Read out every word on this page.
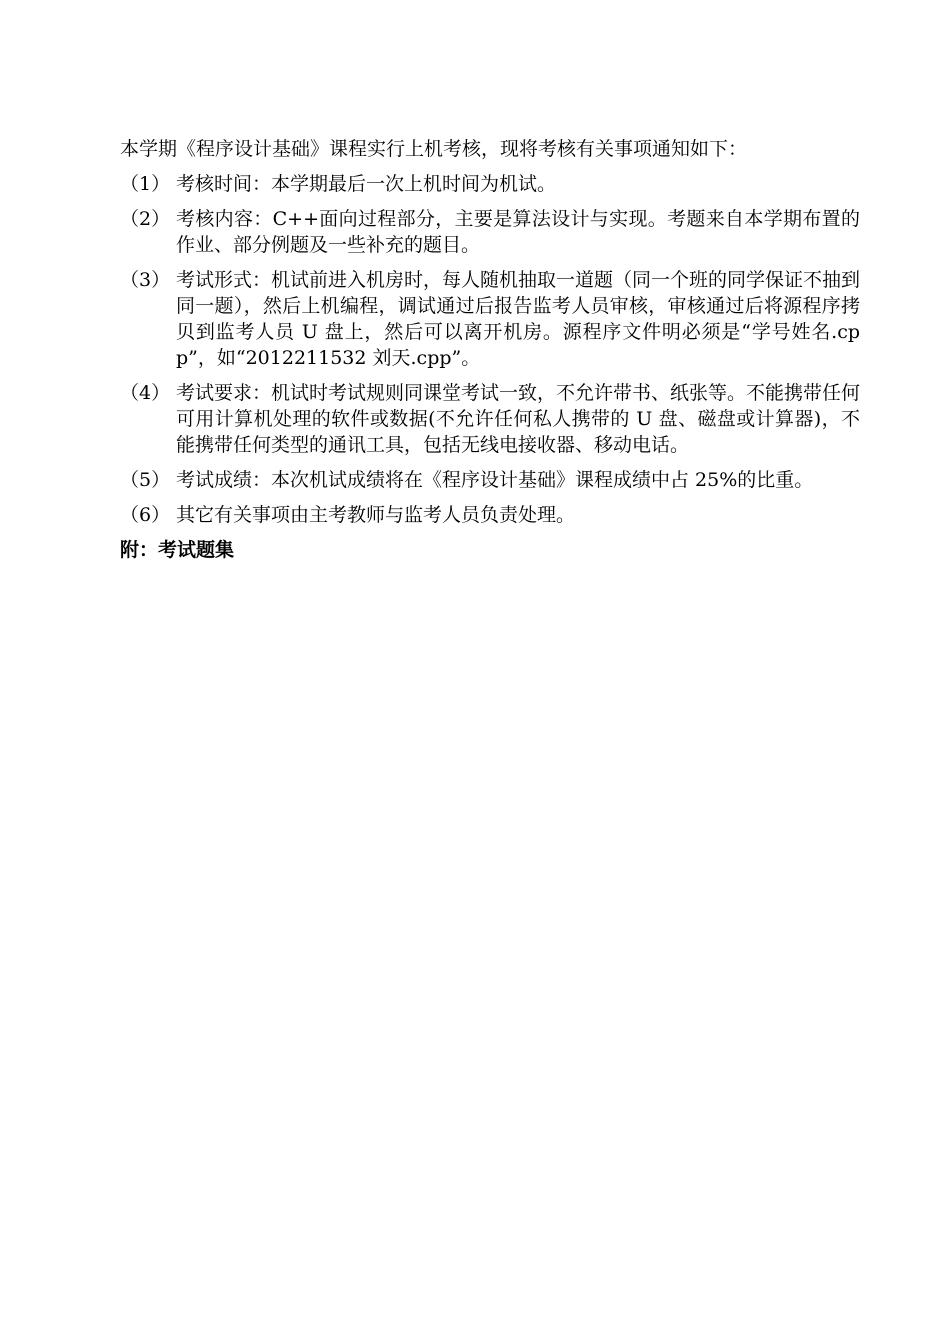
本学期《程序设计基础》课程实行上机考核，现将考核有关事项通知如下：

（1） 考核时间：本学期最后一次上机时间为机试。
（2） 考核内容：C++面向过程部分，主要是算法设计与实现。考题来自本学期布置的作业、部分例题及一些补充的题目。
（3） 考试形式：机试前进入机房时，每人随机抽取一道题（同一个班的同学保证不抽到同一题），然后上机编程，调试通过后报告监考人员审核，审核通过后将源程序拷贝到监考人员 U 盘上，然后可以离开机房。源程序文件明必须是“学号姓名.cpp”，如“2012211532 刘天.cpp”。
（4） 考试要求：机试时考试规则同课堂考试一致，不允许带书、纸张等。不能携带任何可用计算机处理的软件或数据(不允许任何私人携带的 U 盘、磁盘或计算器)，不能携带任何类型的通讯工具，包括无线电接收器、移动电话。
（5） 考试成绩：本次机试成绩将在《程序设计基础》课程成绩中占 25%的比重。
（6） 其它有关事项由主考教师与监考人员负责处理。

附：考试题集
